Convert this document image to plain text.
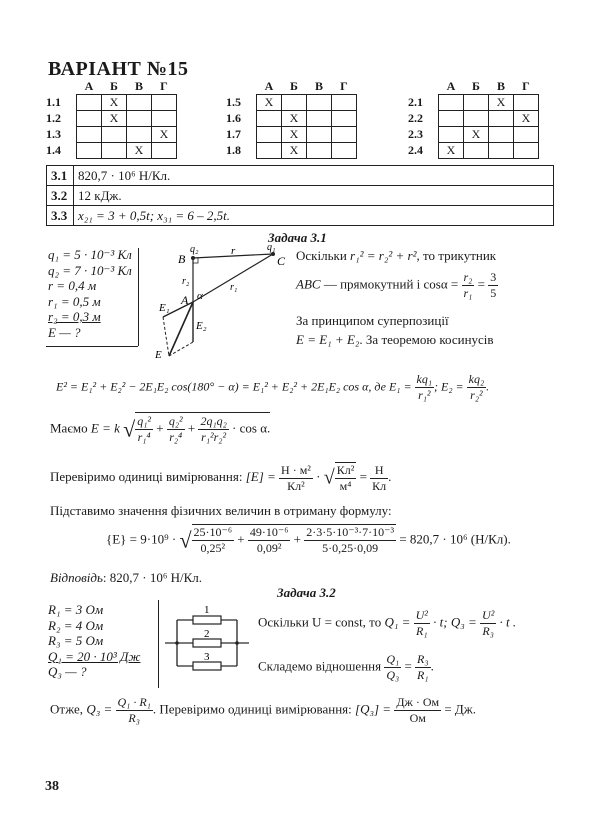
ВАРІАНТ №15
	А	Б	В	Г
1.1		X		
1.2		X		
1.3				X
1.4			X	
	А	Б	В	Г
1.5	X			
1.6		X		
1.7		X		
1.8		X		
	А	Б	В	Г
2.1			X	
2.2				X
2.3		X		
2.4	X			
3.1	820,7 · 10⁶ Н/Кл.
3.2	12 кДж.
3.3	x₂₁ = 3 + 0,5t; x₃₁ = 6 – 2,5t.
Задача 3.1
q₁ = 5 · 10⁻³ Кл
q₂ = 7 · 10⁻³ Кл
r = 0,4 м
r₁ = 0,5 м
r₂ = 0,3 м
E — ?
B	C
A
q₂	q₁
r
r₂
r₁
α
E₁
E₂
E
Оскільки r₁² = r₂² + r², то трикутник
ABC — прямокутний і $\cos\alpha = \frac{\text{r₂}}{\text{r₁}} = \frac{3}{5}$
За принципом суперпозиції
E = E₁ + E₂. За теоремою косинусів
E² = E₁² + E₂² − 2E₁E₂ cos(180° − α) = E₁² + E₂² + 2E₁E₂ cos α, де $E_1 = \frac{\text{kq₁}}{\text{r₁²}}$ ; $E_2 = \frac{\text{kq₂}}{\text{r₂²}}$ .
Маємо E = k √ $\frac{\text{q₁²}}{\text{r₁⁴}} + \frac{\text{q₂²}}{\text{r₂⁴}} + \frac{\text{2q₁q₂}}{\text{r₁²r₂²}} \cdot \cos \alpha$.
Перевіримо одиниці вимірювання: $[E] = \frac{\text{Н · м²}}{\text{Кл²}}$ · √ $\frac{\text{Кл²}}{\text{м⁴}} = \frac{Н}{Кл}$ .
Підставимо значення фізичних величин в отриману формулу:
{E} = 9·10⁹ · √ $\frac{\text{25·10⁻⁶}}{\text{0,25²}} + \frac{\text{49·10⁻⁶}}{\text{0,09²}} + \frac{\text{2·3·5·10⁻³·7·10⁻³}}{5\cdot 0,25\cdot 0,09} = 820,7 \cdot 10^6$ (Н/Кл).
Відповідь: 820,7 · 10⁶ Н/Кл.
Задача 3.2
R₁ = 3 Ом
R₂ = 4 Ом
R₃ = 5 Ом
Q₁ = 20 · 10³ Дж
Q₃ — ?
1
2
3
Оскільки U = const, то $Q_1 = \frac{\text{U²}}{\text{R₁}} \cdot t$; $Q_3 = \frac{\text{U²}}{\text{R₃}} \cdot t$ .
Складемо відношення $\frac{\text{Q₁}}{\text{Q₃}} = \frac{\text{R₃}}{\text{R₁}}$ .
Отже, $Q_3 = \frac{\text{Q₁ · R₁}}{\text{R₃}}$ . Перевіримо одиниці вимірювання: $[Q_3] = \frac{Дж \cdot Ом}{Ом}$ = Дж.
38
